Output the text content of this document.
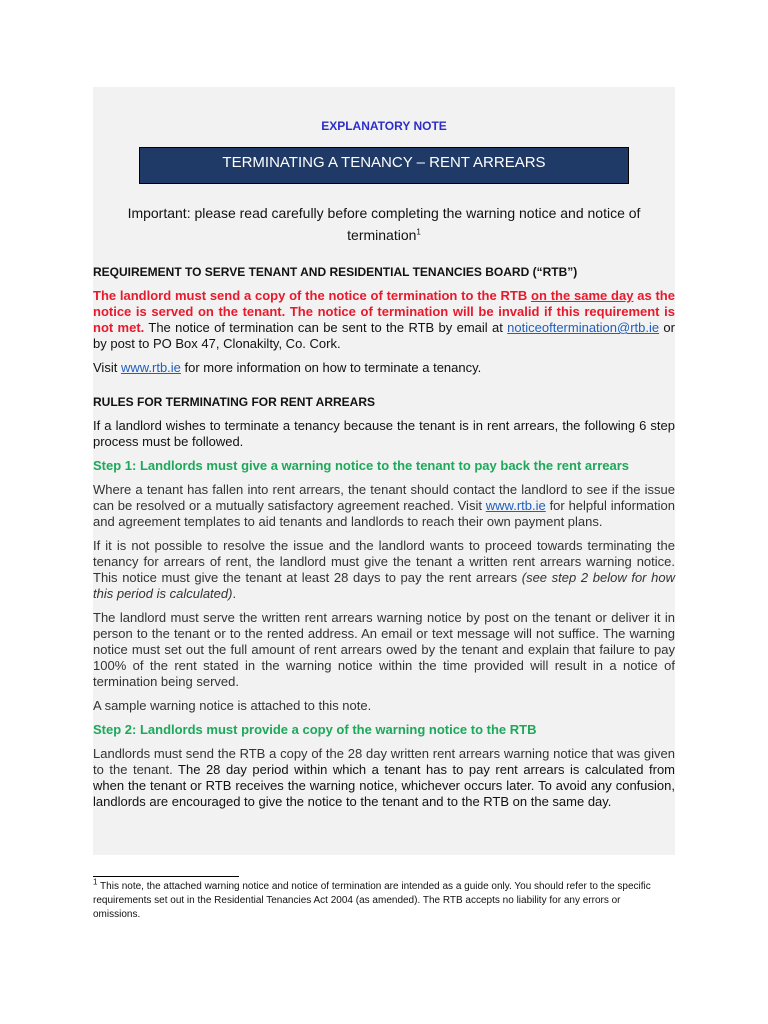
EXPLANATORY NOTE
TERMINATING A TENANCY – RENT ARREARS
Important: please read carefully before completing the warning notice and notice of termination$^1$
REQUIREMENT TO SERVE TENANT AND RESIDENTIAL TENANCIES BOARD (“RTB”)
The landlord must send a copy of the notice of termination to the RTB on the same day as the notice is served on the tenant. The notice of termination will be invalid if this requirement is not met. The notice of termination can be sent to the RTB by email at noticeoftermination@rtb.ie or by post to PO Box 47, Clonakilty, Co. Cork.
Visit www.rtb.ie for more information on how to terminate a tenancy.
RULES FOR TERMINATING FOR RENT ARREARS
If a landlord wishes to terminate a tenancy because the tenant is in rent arrears, the following 6 step process must be followed.
Step 1: Landlords must give a warning notice to the tenant to pay back the rent arrears
Where a tenant has fallen into rent arrears, the tenant should contact the landlord to see if the issue can be resolved or a mutually satisfactory agreement reached. Visit www.rtb.ie for helpful information and agreement templates to aid tenants and landlords to reach their own payment plans.
If it is not possible to resolve the issue and the landlord wants to proceed towards terminating the tenancy for arrears of rent, the landlord must give the tenant a written rent arrears warning notice. This notice must give the tenant at least 28 days to pay the rent arrears (see step 2 below for how this period is calculated).
The landlord must serve the written rent arrears warning notice by post on the tenant or deliver it in person to the tenant or to the rented address. An email or text message will not suffice. The warning notice must set out the full amount of rent arrears owed by the tenant and explain that failure to pay 100% of the rent stated in the warning notice within the time provided will result in a notice of termination being served.
A sample warning notice is attached to this note.
Step 2: Landlords must provide a copy of the warning notice to the RTB
Landlords must send the RTB a copy of the 28 day written rent arrears warning notice that was given to the tenant. The 28 day period within which a tenant has to pay rent arrears is calculated from when the tenant or RTB receives the warning notice, whichever occurs later. To avoid any confusion, landlords are encouraged to give the notice to the tenant and to the RTB on the same day.
$^1$ This note, the attached warning notice and notice of termination are intended as a guide only. You should refer to the specific requirements set out in the Residential Tenancies Act 2004 (as amended). The RTB accepts no liability for any errors or omissions.
